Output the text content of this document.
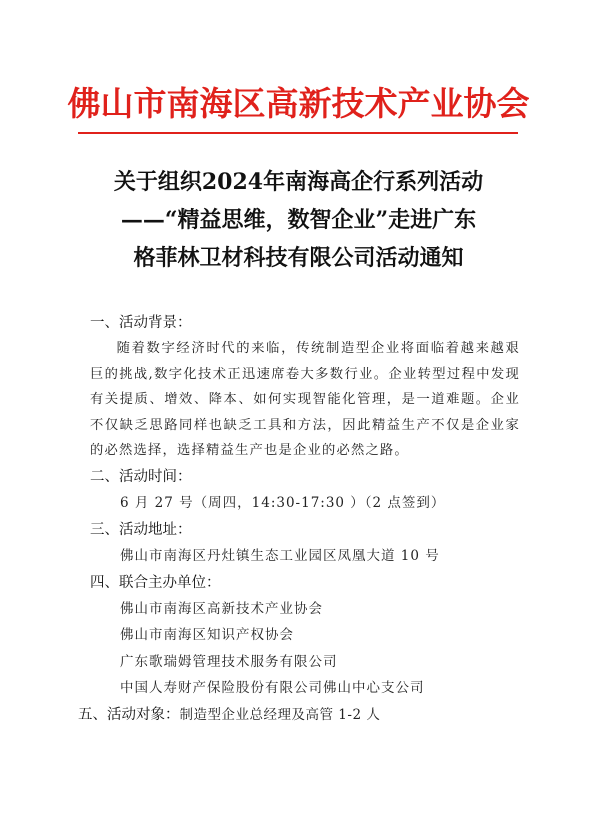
佛山市南海区高新技术产业协会
关于组织2024年南海高企行系列活动
——“精益思维，数智企业”走进广东
格菲林卫材科技有限公司活动通知
一、活动背景：

随着数字经济时代的来临，传统制造型企业将面临着越来越艰巨的挑战,数字化技术正迅速席卷大多数行业。企业转型过程中发现有关提质、增效、降本、如何实现智能化管理，是一道难题。企业不仅缺乏思路同样也缺乏工具和方法，因此精益生产不仅是企业家的必然选择，选择精益生产也是企业的必然之路。

二、活动时间：
6 月 27 号（周四，14:30-17:30 ）（2 点签到）
三、活动地址：
佛山市南海区丹灶镇生态工业园区凤凰大道 10 号
四、联合主办单位：
佛山市南海区高新技术产业协会
佛山市南海区知识产权协会
广东歌瑞姆管理技术服务有限公司
中国人寿财产保险股份有限公司佛山中心支公司
五、活动对象：制造型企业总经理及高管 1-2 人
